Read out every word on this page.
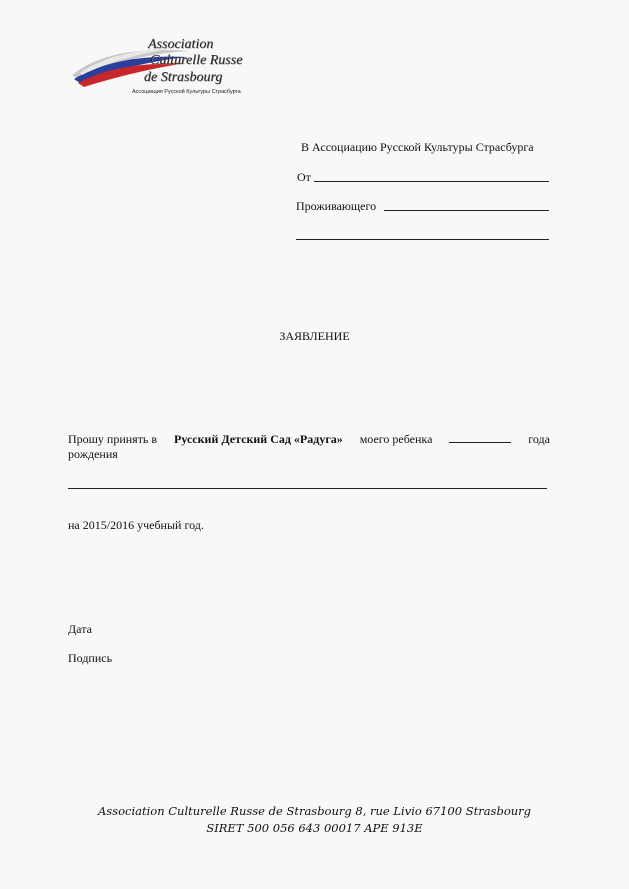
Association
Culturelle Russe
de Strasbourg
Ассоциация Русской Культуры Страсбурга
В Ассоциацию Русской Культуры Страсбурга
От
Проживающего
ЗАЯВЛЕНИЕ
Прошу принять в Русский Детский Сад «Радуга» моего ребенка	года
рождения
на 2015/2016 учебный год.
Дата
Подпись
Association Culturelle Russe de Strasbourg 8, rue Livio 67100 Strasbourg
SIRET 500 056 643 00017 APE 913E
